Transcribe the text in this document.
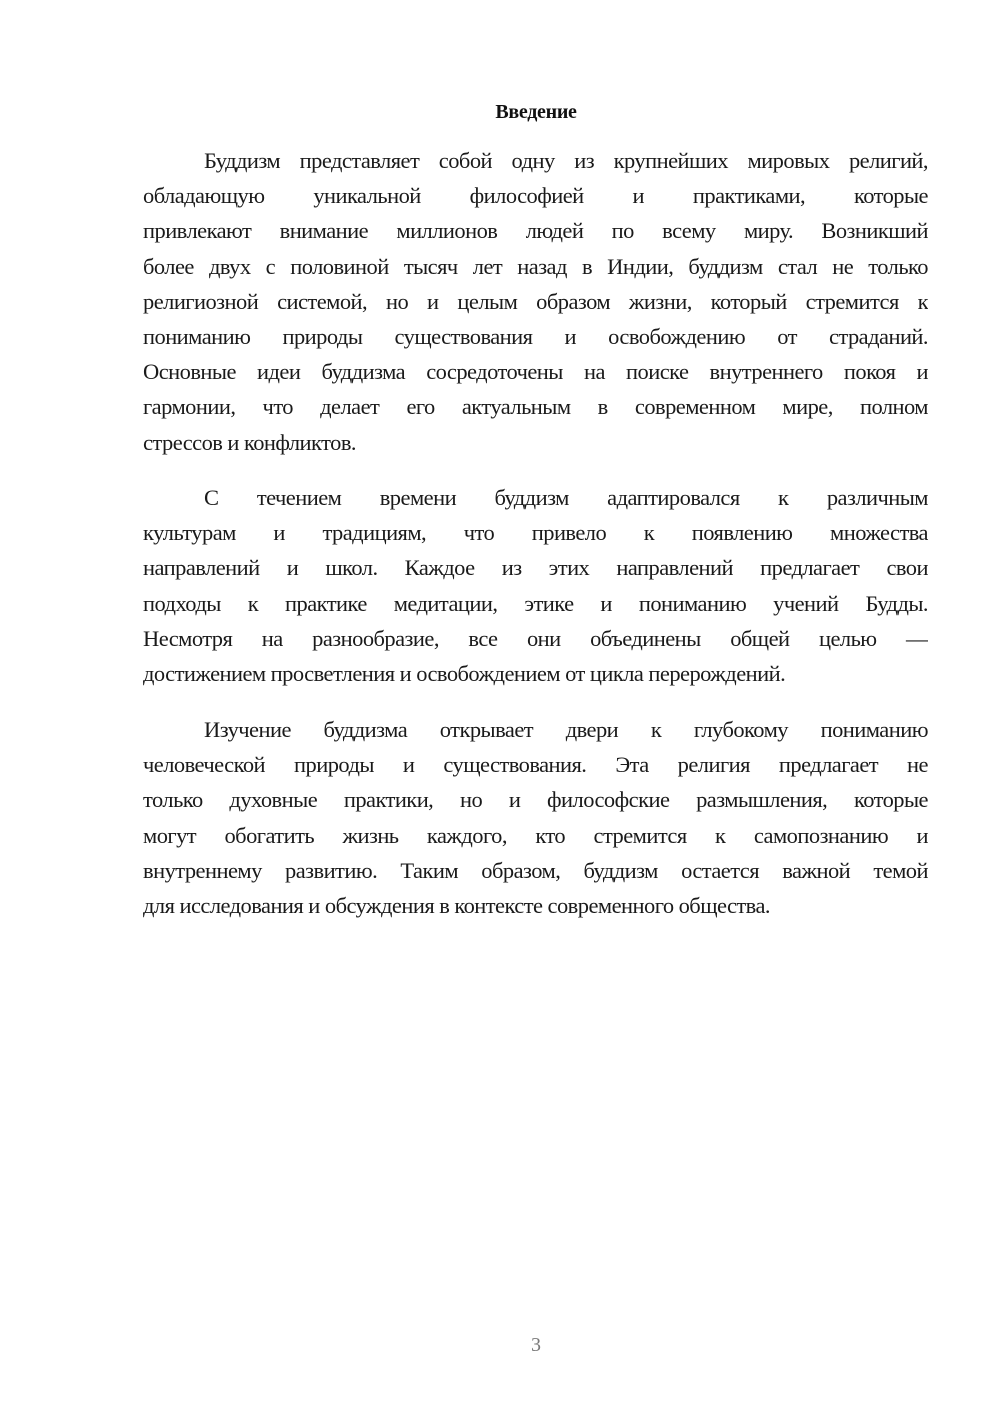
Введение
Буддизм представляет собой одну из крупнейших мировых религий,
обладающую уникальной философией и практиками, которые
привлекают внимание миллионов людей по всему миру. Возникший
более двух с половиной тысяч лет назад в Индии, буддизм стал не только
религиозной системой, но и целым образом жизни, который стремится к
пониманию природы существования и освобождению от страданий.
Основные идеи буддизма сосредоточены на поиске внутреннего покоя и
гармонии, что делает его актуальным в современном мире, полном
стрессов и конфликтов.
С течением времени буддизм адаптировался к различным
культурам и традициям, что привело к появлению множества
направлений и школ. Каждое из этих направлений предлагает свои
подходы к практике медитации, этике и пониманию учений Будды.
Несмотря на разнообразие, все они объединены общей целью —
достижением просветления и освобождением от цикла перерождений.
Изучение буддизма открывает двери к глубокому пониманию
человеческой природы и существования. Эта религия предлагает не
только духовные практики, но и философские размышления, которые
могут обогатить жизнь каждого, кто стремится к самопознанию и
внутреннему развитию. Таким образом, буддизм остается важной темой
для исследования и обсуждения в контексте современного общества.
3
